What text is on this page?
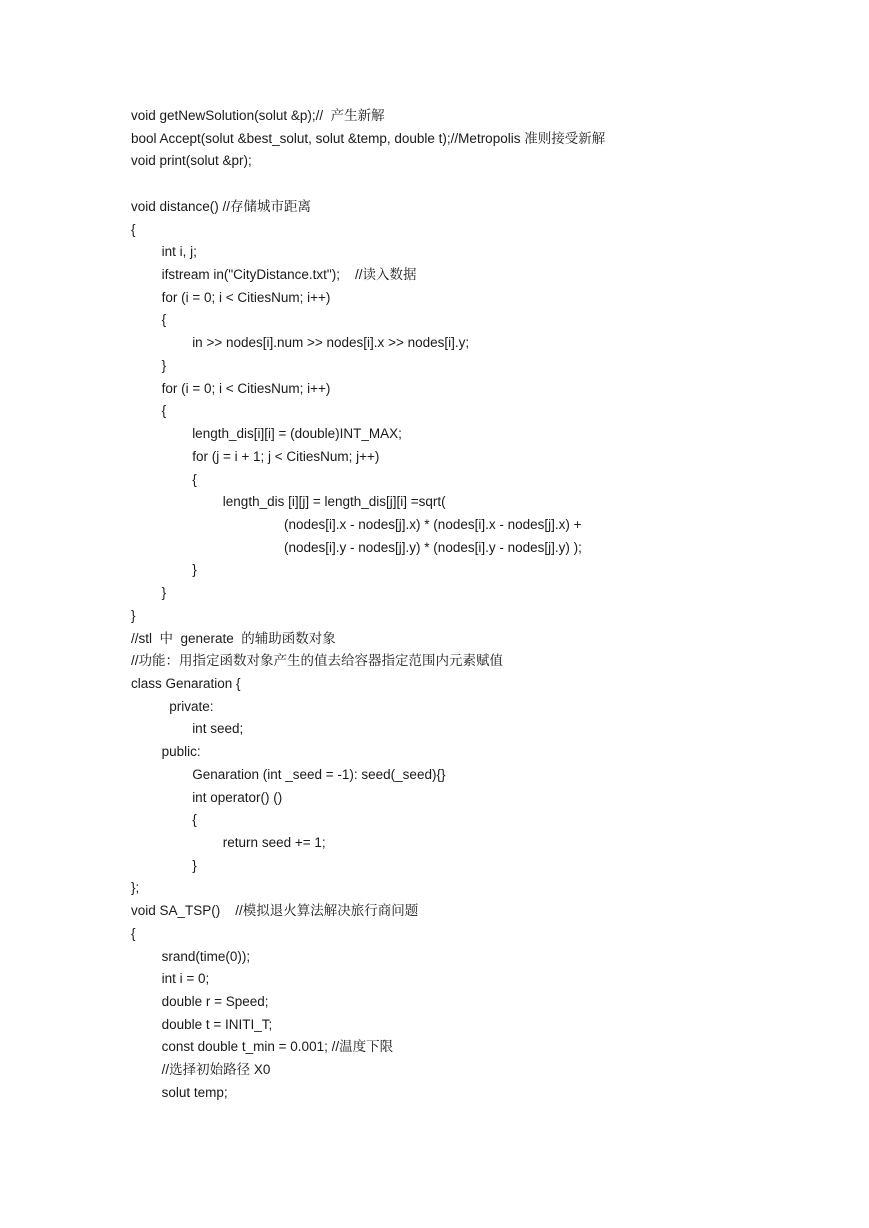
void getNewSolution(solut &p);//  产生新解
bool Accept(solut &best_solut, solut &temp, double t);//Metropolis 准则接受新解
void print(solut &pr);
void distance() //存储城市距离
{
int i, j;
ifstream in("CityDistance.txt");    //读入数据
for (i = 0; i < CitiesNum; i++)
{
in >> nodes[i].num >> nodes[i].x >> nodes[i].y;
}
for (i = 0; i < CitiesNum; i++)
{
length_dis[i][i] = (double)INT_MAX;
for (j = i + 1; j < CitiesNum; j++)
{
length_dis [i][j] = length_dis[j][i] =sqrt(
(nodes[i].x - nodes[j].x) * (nodes[i].x - nodes[j].x) +
(nodes[i].y - nodes[j].y) * (nodes[i].y - nodes[j].y) );
}
}
}
//stl  中  generate  的辅助函数对象
//功能：用指定函数对象产生的值去给容器指定范围内元素赋值
class Genaration {
private:
int seed;
public:
Genaration (int _seed = -1): seed(_seed){}
int operator() ()
{
return seed += 1;
}
};
void SA_TSP()    //模拟退火算法解决旅行商问题
{
srand(time(0));
int i = 0;
double r = Speed;
double t = INITI_T;
const double t_min = 0.001; //温度下限
//选择初始路径 X0
solut temp;
